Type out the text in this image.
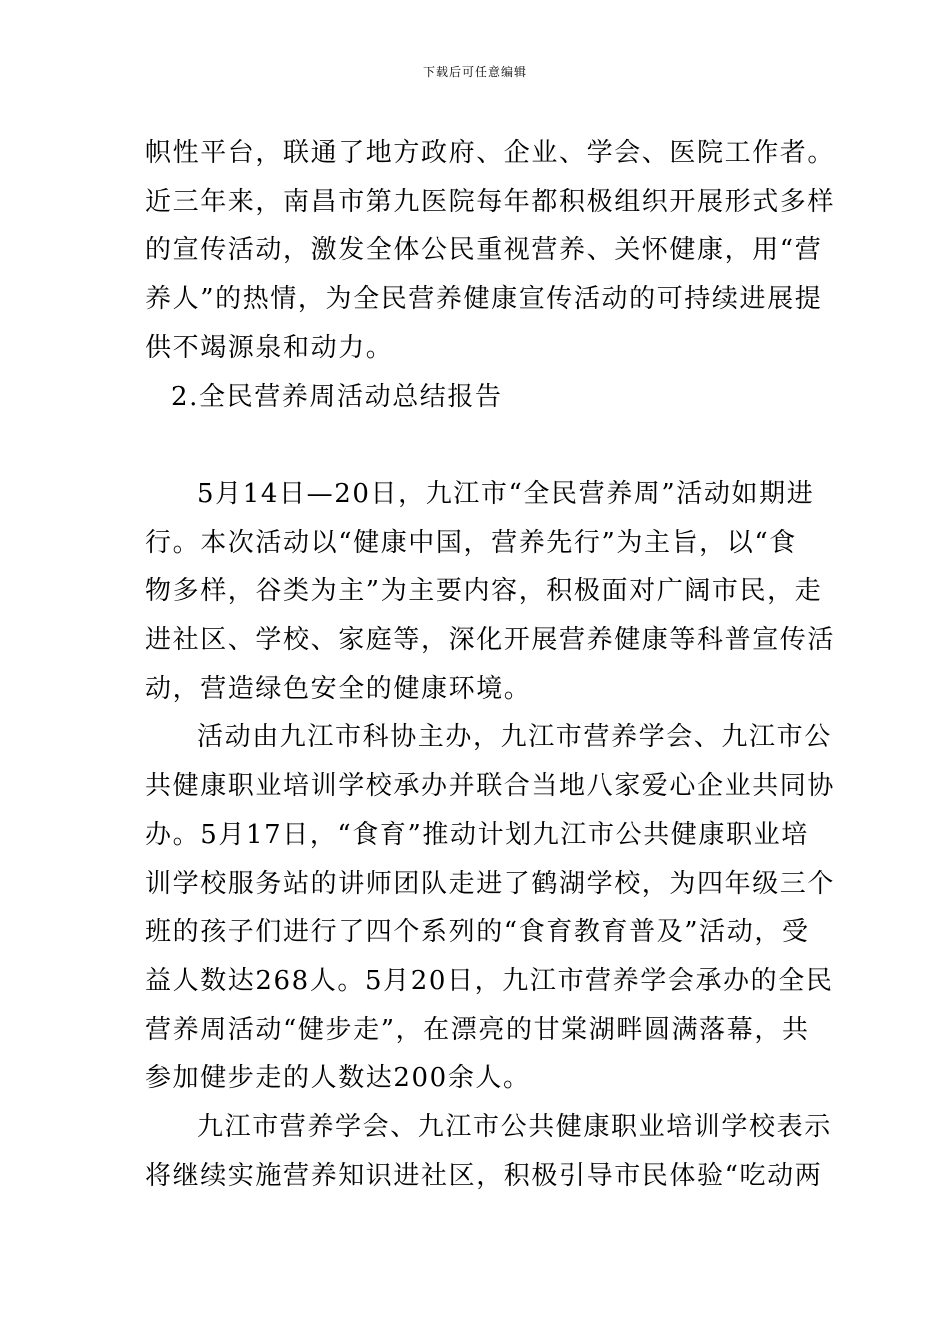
下载后可任意编辑

帜性平台，联通了地方政府、企业、学会、医院工作者。
近三年来，南昌市第九医院每年都积极组织开展形式多样
的宣传活动，激发全体公民重视营养、关怀健康，用“营
养人”的热情，为全民营养健康宣传活动的可持续进展提
供不竭源泉和动力。

2.全民营养周活动总结报告

5月14日—20日，九江市“全民营养周”活动如期进
行。本次活动以“健康中国，营养先行”为主旨，以“食
物多样，谷类为主”为主要内容，积极面对广阔市民，走
进社区、学校、家庭等，深化开展营养健康等科普宣传活
动，营造绿色安全的健康环境。

活动由九江市科协主办，九江市营养学会、九江市公
共健康职业培训学校承办并联合当地八家爱心企业共同协
办。5月17日，“食育”推动计划九江市公共健康职业培
训学校服务站的讲师团队走进了鹤湖学校，为四年级三个
班的孩子们进行了四个系列的“食育教育普及”活动，受
益人数达268人。5月20日，九江市营养学会承办的全民
营养周活动“健步走”，在漂亮的甘棠湖畔圆满落幕，共
参加健步走的人数达200余人。

九江市营养学会、九江市公共健康职业培训学校表示
将继续实施营养知识进社区，积极引导市民体验“吃动两
